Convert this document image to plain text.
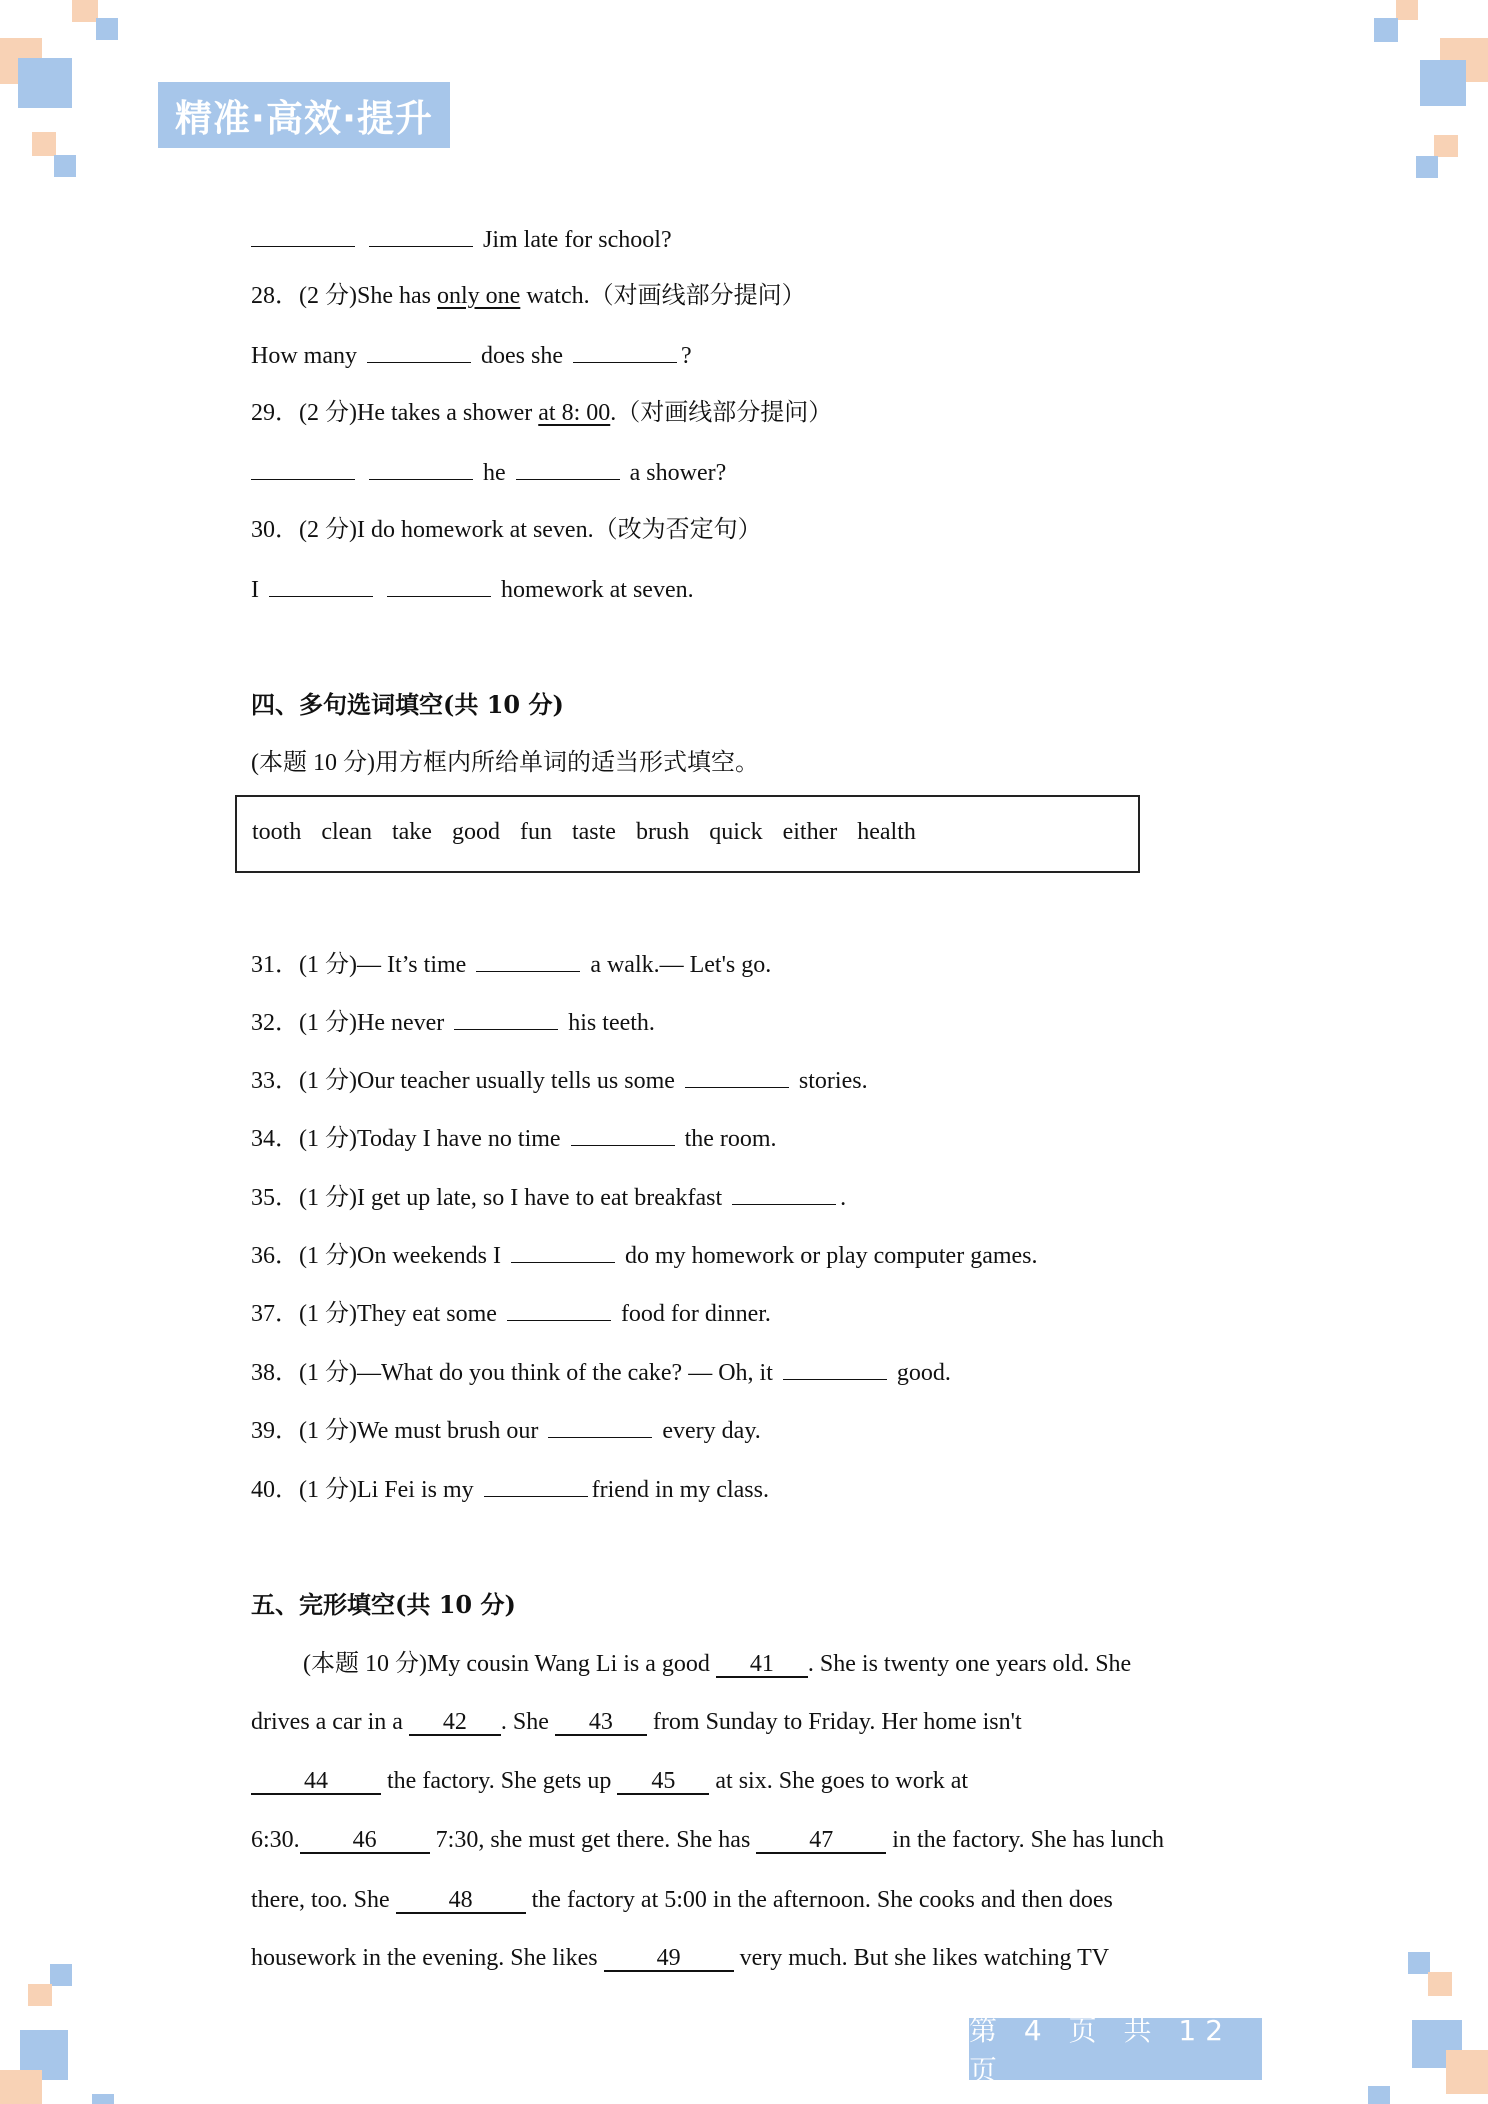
精准·高效·提升
Jim late for school?
28．(2 分)She has only one watch.（对画线部分提问）
How many	does she	?
29．(2 分)He takes a shower at 8: 00.（对画线部分提问）
he	a shower?
30．(2 分)I do homework at seven.（改为否定句）
I	homework at seven.
四、多句选词填空(共 10 分)
(本题 10 分)用方框内所给单词的适当形式填空。
31．(1 分)— It’s time	a walk.— Let's go.
32．(1 分)He never	his teeth.
33．(1 分)Our teacher usually tells us some	stories.
34．(1 分)Today I have no time	the room.
35．(1 分)I get up late, so I have to eat breakfast	.
36．(1 分)On weekends I	do my homework or play computer games.
37．(1 分)They eat some	food for dinner.
38．(1 分)—What do you think of the cake? — Oh, it	good.
39．(1 分)We must brush our	every day.
40．(1 分)Li Fei is my	friend in my class.
五、完形填空(共 10 分)
(本题 10 分)My cousin Wang Li is a good 41 . She is twenty one years old. She
drives a car in a 42 . She 43 from Sunday to Friday. Her home isn't
44 the factory. She gets up 45 at six. She goes to work at
6:30. 46 7:30, she must get there. She has 47 in the factory. She has lunch
there, too. She 48 the factory at 5:00 in the afternoon. She cooks and then does
housework in the evening. She likes 49 very much. But she likes watching TV
tooth clean take good fun taste brush quick either health
第 4 页 共 12 页
